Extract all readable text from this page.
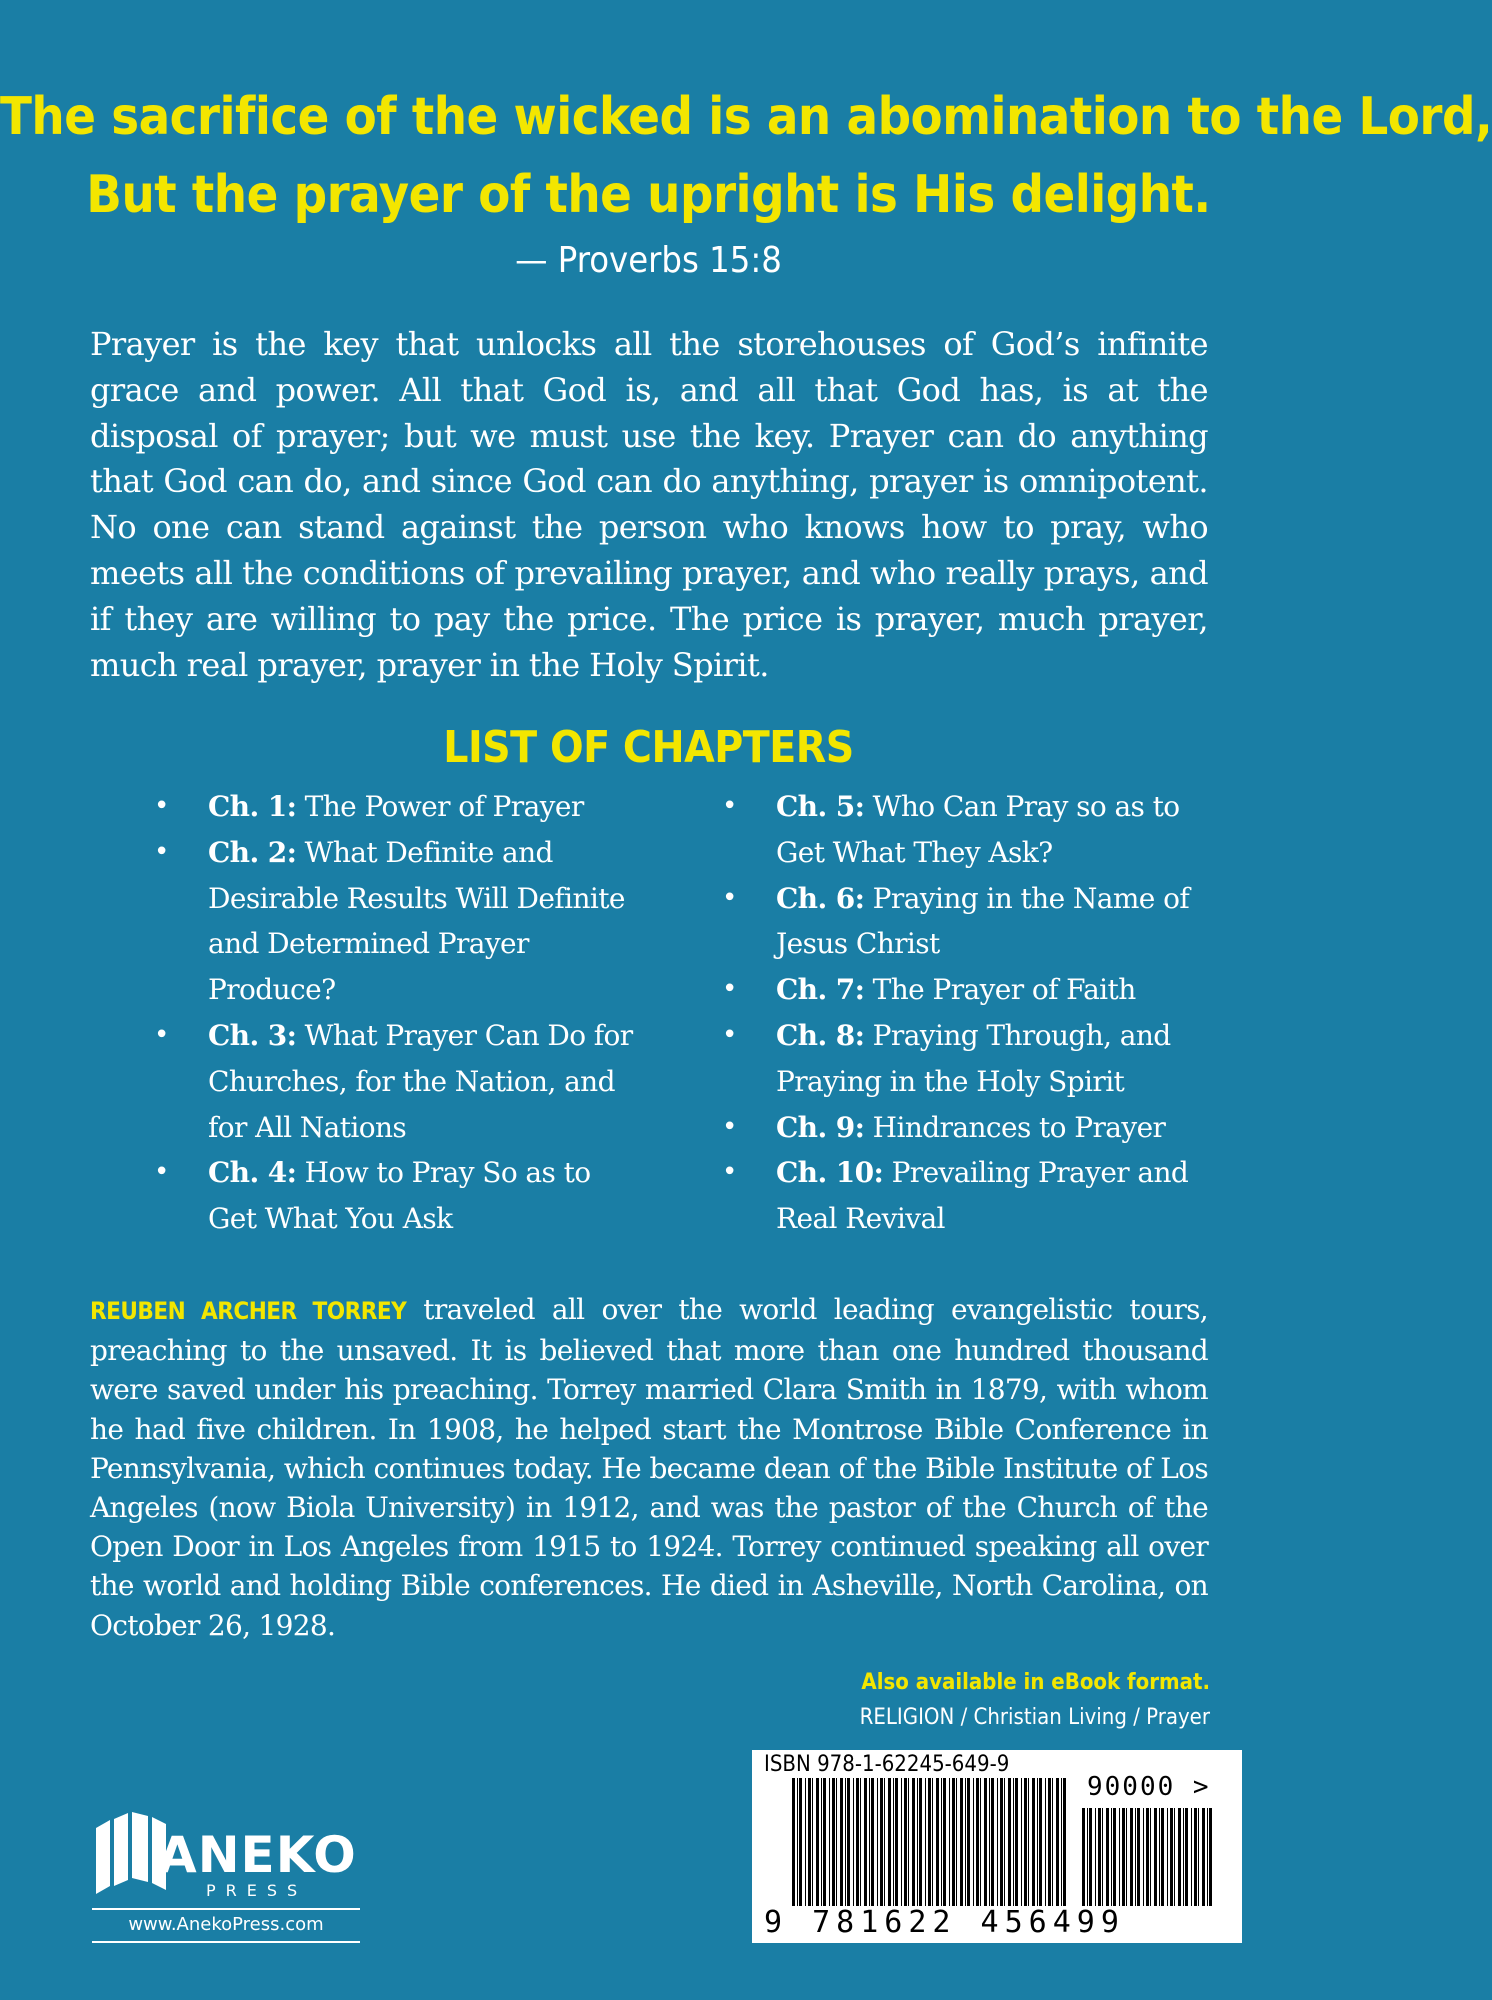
The sacrifice of the wicked is an abomination to the Lord,
But the prayer of the upright is His delight.
— Proverbs 15:8
Prayer is the key that unlocks all the storehouses of God’s infinite grace and power. All that God is, and all that God has, is at the disposal of prayer; but we must use the key. Prayer can do anything that God can do, and since God can do anything, prayer is omnipotent. No one can stand against the person who knows how to pray, who meets all the conditions of prevailing prayer, and who really prays, and if they are willing to pay the price. The price is prayer, much prayer, much real prayer, prayer in the Holy Spirit.
LIST OF CHAPTERS
• Ch. 1: The Power of Prayer
• Ch. 2: What Definite and Desirable Results Will Definite and Determined Prayer Produce?
• Ch. 3: What Prayer Can Do for Churches, for the Nation, and for All Nations
• Ch. 4: How to Pray So as to Get What You Ask
• Ch. 5: Who Can Pray so as to Get What They Ask?
• Ch. 6: Praying in the Name of Jesus Christ
• Ch. 7: The Prayer of Faith
• Ch. 8: Praying Through, and Praying in the Holy Spirit
• Ch. 9: Hindrances to Prayer
• Ch. 10: Prevailing Prayer and Real Revival
REUBEN ARCHER TORREY traveled all over the world leading evangelistic tours, preaching to the unsaved. It is believed that more than one hundred thousand were saved under his preaching. Torrey married Clara Smith in 1879, with whom he had five children. In 1908, he helped start the Montrose Bible Conference in Pennsylvania, which continues today. He became dean of the Bible Institute of Los Angeles (now Biola University) in 1912, and was the pastor of the Church of the Open Door in Los Angeles from 1915 to 1924. Torrey continued speaking all over the world and holding Bible conferences. He died in Asheville, North Carolina, on October 26, 1928.
Also available in eBook format.
RELIGION / Christian Living / Prayer
ISBN 978-1-62245-649-9
90000 >
9 781622 456499
ANEKO
PRESS
www.AnekoPress.com
